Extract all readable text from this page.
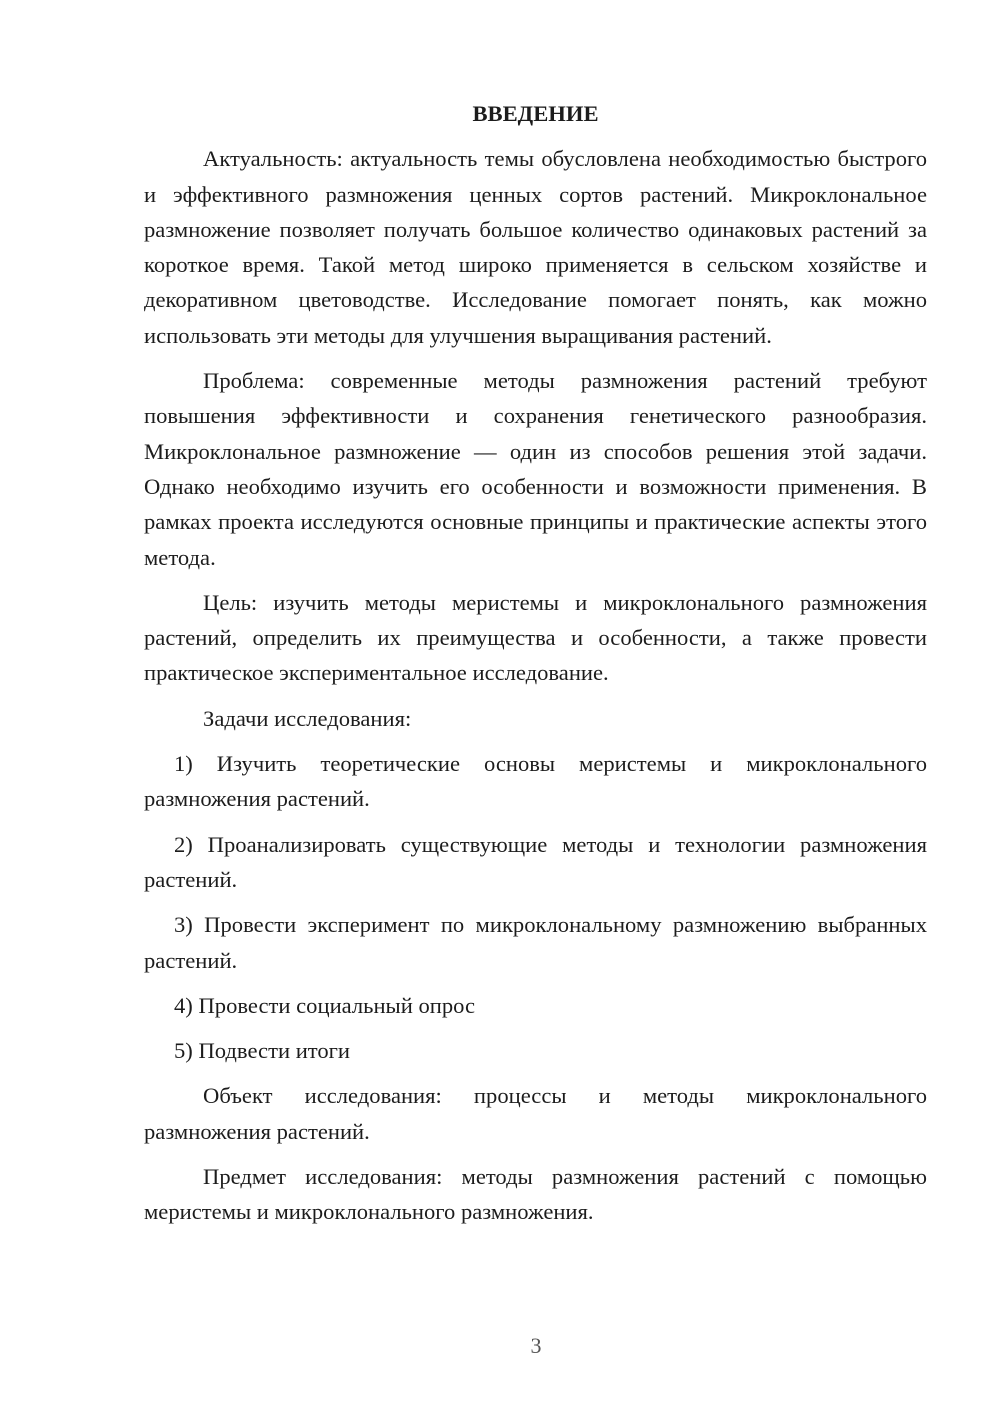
ВВЕДЕНИЕ

Актуальность: актуальность темы обусловлена необходимостью быстрого и эффективного размножения ценных сортов растений. Микроклональное размножение позволяет получать большое количество одинаковых растений за короткое время. Такой метод широко применяется в сельском хозяйстве и декоративном цветоводстве. Исследование помогает понять, как можно использовать эти методы для улучшения выращивания растений.

Проблема: современные методы размножения растений требуют повышения эффективности и сохранения генетического разнообразия. Микроклональное размножение — один из способов решения этой задачи. Однако необходимо изучить его особенности и возможности применения. В рамках проекта исследуются основные принципы и практические аспекты этого метода.

Цель: изучить методы меристемы и микроклонального размножения растений, определить их преимущества и особенности, а также провести практическое экспериментальное исследование.

Задачи исследования:

1) Изучить теоретические основы меристемы и микроклонального размножения растений.

2) Проанализировать существующие методы и технологии размножения растений.

3) Провести эксперимент по микроклональному размножению выбранных растений.

4) Провести социальный опрос

5) Подвести итоги

Объект исследования: процессы и методы микроклонального размножения растений.

Предмет исследования: методы размножения растений с помощью меристемы и микроклонального размножения.

3
